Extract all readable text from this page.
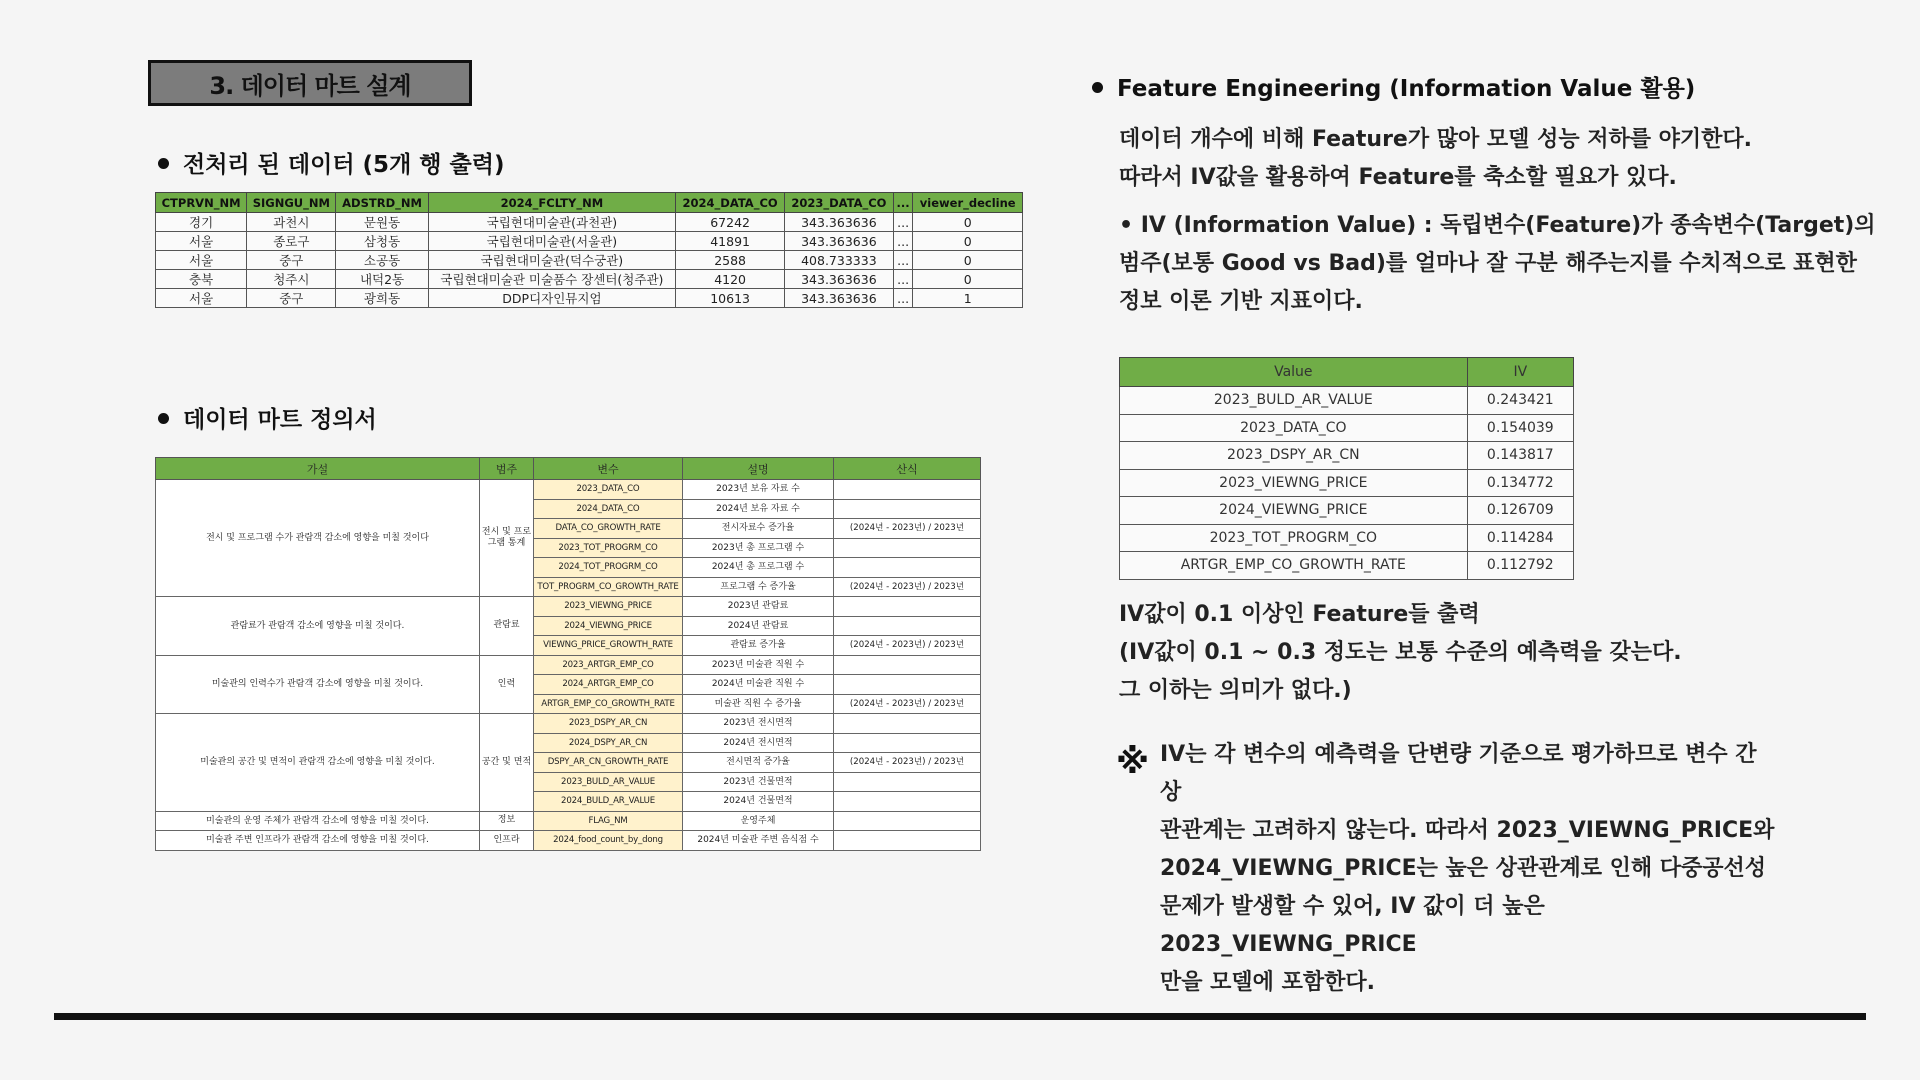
3. 데이터 마트 설계
전처리 된 데이터 (5개 행 출력)
CTPRVN_NM	SIGNGU_NM	ADSTRD_NM	2024_FCLTY_NM	2024_DATA_CO	2023_DATA_CO	...	viewer_decline
경기	과천시	문원동	국립현대미술관(과천관)	67242	343.363636	...	0
서울	종로구	삼청동	국립현대미술관(서울관)	41891	343.363636	...	0
서울	중구	소공동	국립현대미술관(덕수궁관)	2588	408.733333	...	0
충북	청주시	내덕2동	국립현대미술관 미술품수 장센터(청주관)	4120	343.363636	...	0
서울	중구	광희동	DDP디자인뮤지엄	10613	343.363636	...	1
데이터 마트 정의서
가설	범주	변수	설명	산식
전시 및 프로그램 수가 관람객 감소에 영향을 미칠 것이다	전시 및 프로그램 통계	2023_DATA_CO	2023년 보유 자료 수	
		2024_DATA_CO	2024년 보유 자료 수	
		DATA_CO_GROWTH_RATE	전시자료수 증가율	(2024년 - 2023년) / 2023년
		2023_TOT_PROGRM_CO	2023년 총 프로그램 수	
		2024_TOT_PROGRM_CO	2024년 총 프로그램 수	
		TOT_PROGRM_CO_GROWTH_RATE	프로그램 수 증가율	(2024년 - 2023년) / 2023년
관람료가 관람객 감소에 영향을 미칠 것이다.	관람료	2023_VIEWNG_PRICE	2023년 관람료	
		2024_VIEWNG_PRICE	2024년 관람료	
		VIEWNG_PRICE_GROWTH_RATE	관람료 증가율	(2024년 - 2023년) / 2023년
미술관의 인력수가 관람객 감소에 영향을 미칠 것이다.	인력	2023_ARTGR_EMP_CO	2023년 미술관 직원 수	
		2024_ARTGR_EMP_CO	2024년 미술관 직원 수	
		ARTGR_EMP_CO_GROWTH_RATE	미술관 직원 수 증가율	(2024년 - 2023년) / 2023년
미술관의 공간 및 면적이 관람객 감소에 영향을 미칠 것이다.	공간 및 면적	2023_DSPY_AR_CN	2023년 전시면적	
		2024_DSPY_AR_CN	2024년 전시면적	
		DSPY_AR_CN_GROWTH_RATE	전시면적 증가율	(2024년 - 2023년) / 2023년
		2023_BULD_AR_VALUE	2023년 건물면적	
		2024_BULD_AR_VALUE	2024년 건물면적	
미술관의 운영 주체가 관람객 감소에 영향을 미칠 것이다.	정보	FLAG_NM	운영주체	
미술관 주변 인프라가 관람객 감소에 영향을 미칠 것이다.	인프라	2024_food_count_by_dong	2024년 미술관 주변 음식점 수	
Feature Engineering (Information Value 활용)
데이터 개수에 비해 Feature가 많아 모델 성능 저하를 야기한다.
따라서 IV값을 활용하여 Feature를 축소할 필요가 있다.
• IV (Information Value) : 독립변수(Feature)가 종속변수(Target)의
범주(보통 Good vs Bad)를 얼마나 잘 구분 해주는지를 수치적으로 표현한
정보 이론 기반 지표이다.
Value	IV
2023_BULD_AR_VALUE	0.243421
2023_DATA_CO	0.154039
2023_DSPY_AR_CN	0.143817
2023_VIEWNG_PRICE	0.134772
2024_VIEWNG_PRICE	0.126709
2023_TOT_PROGRM_CO	0.114284
ARTGR_EMP_CO_GROWTH_RATE	0.112792
IV값이 0.1 이상인 Feature들 출력
(IV값이 0.1 ~ 0.3 정도는 보통 수준의 예측력을 갖는다.
그 이하는 의미가 없다.)
※ IV는 각 변수의 예측력을 단변량 기준으로 평가하므로 변수 간 상
관관계는 고려하지 않는다. 따라서 2023_VIEWNG_PRICE와
2024_VIEWNG_PRICE는 높은 상관관계로 인해 다중공선성
문제가 발생할 수 있어, IV 값이 더 높은 2023_VIEWNG_PRICE
만을 모델에 포함한다.
